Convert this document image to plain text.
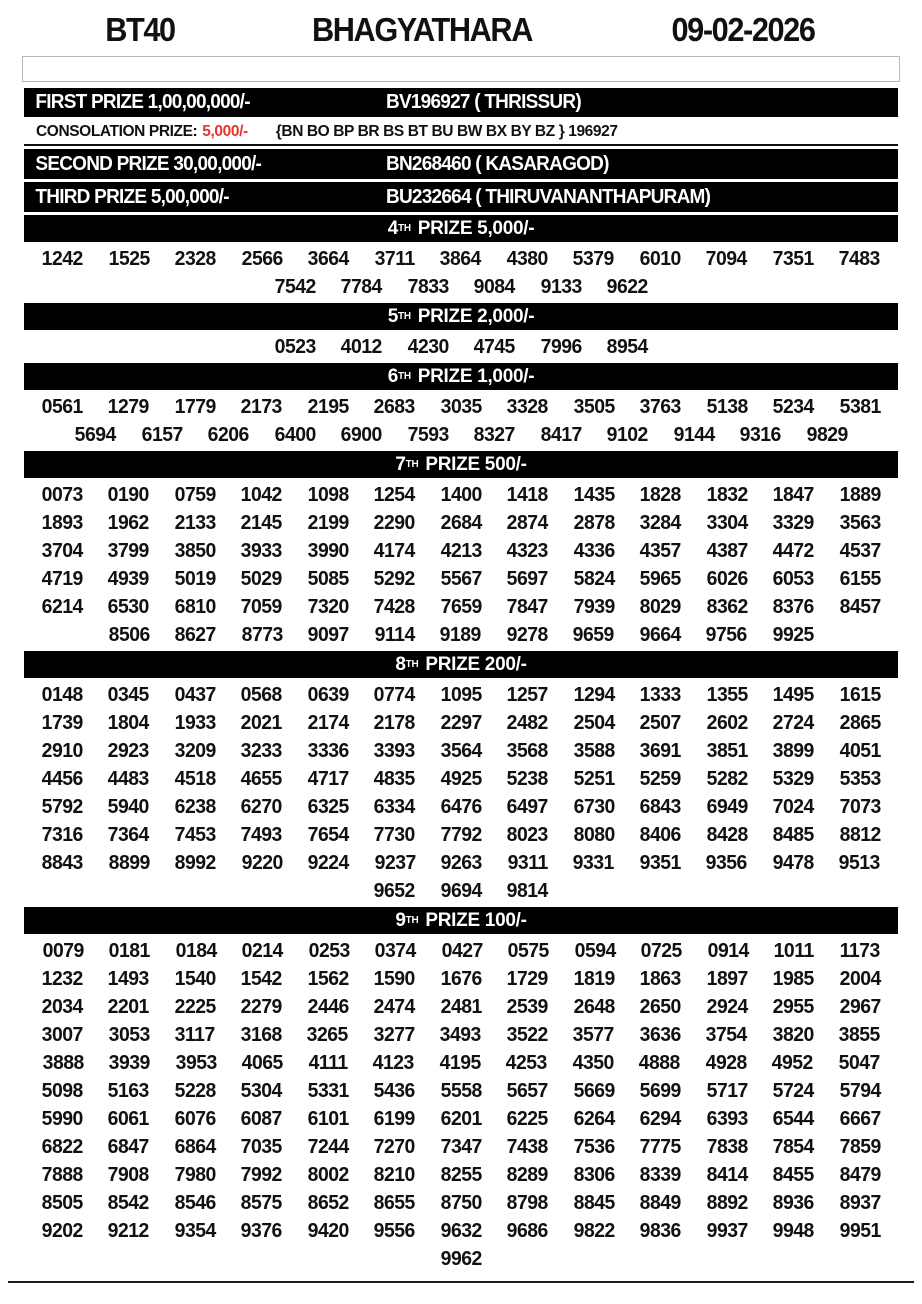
BT40	BHAGYATHARA	09-02-2026
FIRST PRIZE 1,00,00,000/-	BV196927 ( THRISSUR)
CONSOLATION PRIZE: 5,000/- {BN BO BP BR BS BT BU BW BX BY BZ } 196927
SECOND PRIZE 30,00,000/-	BN268460 ( KASARAGOD)
THIRD PRIZE 5,00,000/-	BU232664 ( THIRUVANANTHAPURAM)
4 TH PRIZE 5,000/-
1242 1525 2328 2566 3664 3711 3864 4380 5379 6010 7094 7351 7483
7542 7784 7833 9084 9133 9622
5 TH PRIZE 2,000/-
0523 4012 4230 4745 7996 8954
6 TH PRIZE 1,000/-
0561 1279 1779 2173 2195 2683 3035 3328 3505 3763 5138 5234 5381
5694 6157 6206 6400 6900 7593 8327 8417 9102 9144 9316 9829
7 TH PRIZE 500/-
0073 0190 0759 1042 1098 1254 1400 1418 1435 1828 1832 1847 1889
1893 1962 2133 2145 2199 2290 2684 2874 2878 3284 3304 3329 3563
3704 3799 3850 3933 3990 4174 4213 4323 4336 4357 4387 4472 4537
4719 4939 5019 5029 5085 5292 5567 5697 5824 5965 6026 6053 6155
6214 6530 6810 7059 7320 7428 7659 7847 7939 8029 8362 8376 8457
8506 8627 8773 9097 9114 9189 9278 9659 9664 9756 9925
8 TH PRIZE 200/-
0148 0345 0437 0568 0639 0774 1095 1257 1294 1333 1355 1495 1615
1739 1804 1933 2021 2174 2178 2297 2482 2504 2507 2602 2724 2865
2910 2923 3209 3233 3336 3393 3564 3568 3588 3691 3851 3899 4051
4456 4483 4518 4655 4717 4835 4925 5238 5251 5259 5282 5329 5353
5792 5940 6238 6270 6325 6334 6476 6497 6730 6843 6949 7024 7073
7316 7364 7453 7493 7654 7730 7792 8023 8080 8406 8428 8485 8812
8843 8899 8992 9220 9224 9237 9263 9311 9331 9351 9356 9478 9513
9652 9694 9814
9 TH PRIZE 100/-
0079 0181 0184 0214 0253 0374 0427 0575 0594 0725 0914 1011 1173
1232 1493 1540 1542 1562 1590 1676 1729 1819 1863 1897 1985 2004
2034 2201 2225 2279 2446 2474 2481 2539 2648 2650 2924 2955 2967
3007 3053 3117 3168 3265 3277 3493 3522 3577 3636 3754 3820 3855
3888 3939 3953 4065 4111 4123 4195 4253 4350 4888 4928 4952 5047
5098 5163 5228 5304 5331 5436 5558 5657 5669 5699 5717 5724 5794
5990 6061 6076 6087 6101 6199 6201 6225 6264 6294 6393 6544 6667
6822 6847 6864 7035 7244 7270 7347 7438 7536 7775 7838 7854 7859
7888 7908 7980 7992 8002 8210 8255 8289 8306 8339 8414 8455 8479
8505 8542 8546 8575 8652 8655 8750 8798 8845 8849 8892 8936 8937
9202 9212 9354 9376 9420 9556 9632 9686 9822 9836 9937 9948 9951
9962
